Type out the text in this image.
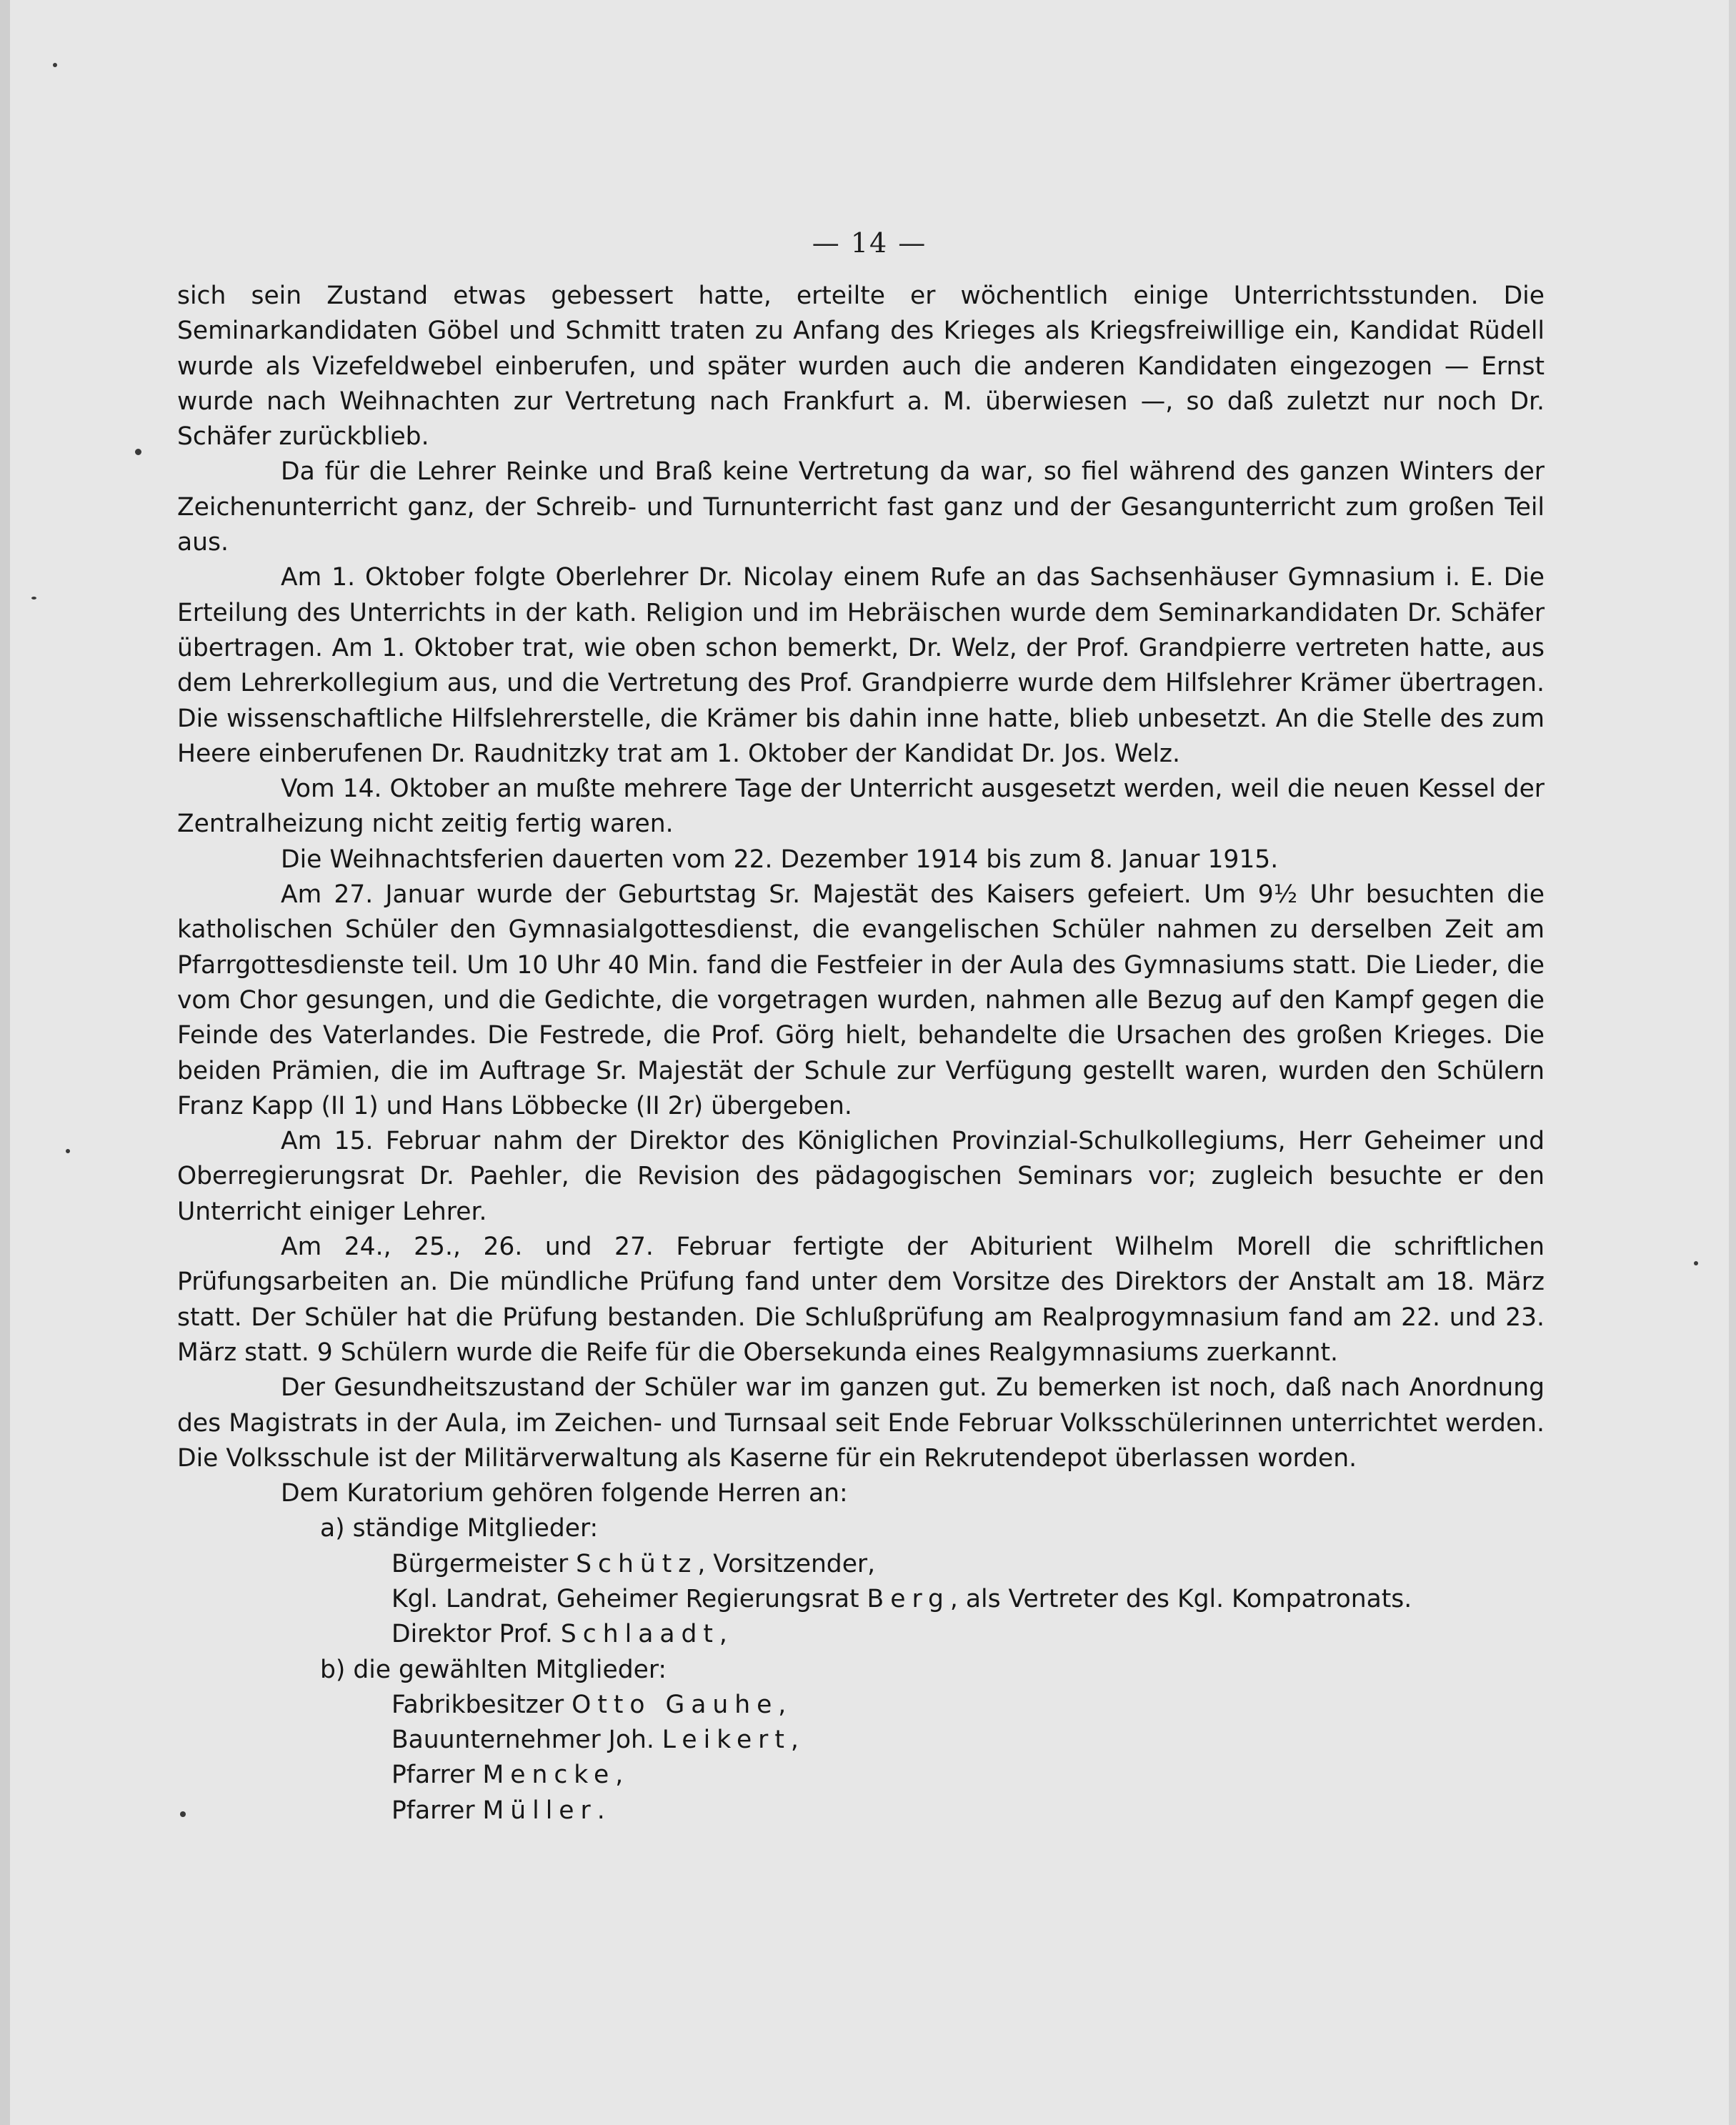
— 14 —

sich sein Zustand etwas gebessert hatte, erteilte er wöchentlich einige Unterrichtsstunden. Die Seminarkandidaten Göbel und Schmitt traten zu Anfang des Krieges als Kriegsfreiwillige ein, Kandidat Rüdell wurde als Vizefeldwebel einberufen, und später wurden auch die anderen Kandidaten eingezogen — Ernst wurde nach Weihnachten zur Vertretung nach Frankfurt a. M. überwiesen —, so daß zuletzt nur noch Dr. Schäfer zurückblieb.

Da für die Lehrer Reinke und Braß keine Vertretung da war, so fiel während des ganzen Winters der Zeichenunterricht ganz, der Schreib- und Turnunterricht fast ganz und der Gesangunterricht zum großen Teil aus.

Am 1. Oktober folgte Oberlehrer Dr. Nicolay einem Rufe an das Sachsenhäuser Gymnasium i. E. Die Erteilung des Unterrichts in der kath. Religion und im Hebräischen wurde dem Seminarkandidaten Dr. Schäfer übertragen. Am 1. Oktober trat, wie oben schon bemerkt, Dr. Welz, der Prof. Grandpierre vertreten hatte, aus dem Lehrerkollegium aus, und die Vertretung des Prof. Grandpierre wurde dem Hilfslehrer Krämer übertragen. Die wissenschaftliche Hilfslehrerstelle, die Krämer bis dahin inne hatte, blieb unbesetzt. An die Stelle des zum Heere einberufenen Dr. Raudnitzky trat am 1. Oktober der Kandidat Dr. Jos. Welz.

Vom 14. Oktober an mußte mehrere Tage der Unterricht ausgesetzt werden, weil die neuen Kessel der Zentralheizung nicht zeitig fertig waren.

Die Weihnachtsferien dauerten vom 22. Dezember 1914 bis zum 8. Januar 1915.

Am 27. Januar wurde der Geburtstag Sr. Majestät des Kaisers gefeiert. Um 9½ Uhr besuchten die katholischen Schüler den Gymnasialgottesdienst, die evangelischen Schüler nahmen zu derselben Zeit am Pfarrgottesdienste teil. Um 10 Uhr 40 Min. fand die Festfeier in der Aula des Gymnasiums statt. Die Lieder, die vom Chor gesungen, und die Gedichte, die vorgetragen wurden, nahmen alle Bezug auf den Kampf gegen die Feinde des Vaterlandes. Die Festrede, die Prof. Görg hielt, behandelte die Ursachen des großen Krieges. Die beiden Prämien, die im Auftrage Sr. Majestät der Schule zur Verfügung gestellt waren, wurden den Schülern Franz Kapp (II 1) und Hans Löbbecke (II 2r) übergeben.

Am 15. Februar nahm der Direktor des Königlichen Provinzial-Schulkollegiums, Herr Geheimer und Oberregierungsrat Dr. Paehler, die Revision des pädagogischen Seminars vor; zugleich besuchte er den Unterricht einiger Lehrer.

Am 24., 25., 26. und 27. Februar fertigte der Abiturient Wilhelm Morell die schriftlichen Prüfungsarbeiten an. Die mündliche Prüfung fand unter dem Vorsitze des Direktors der Anstalt am 18. März statt. Der Schüler hat die Prüfung bestanden. Die Schlußprüfung am Realprogymnasium fand am 22. und 23. März statt. 9 Schülern wurde die Reife für die Obersekunda eines Realgymnasiums zuerkannt.

Der Gesundheitszustand der Schüler war im ganzen gut. Zu bemerken ist noch, daß nach Anordnung des Magistrats in der Aula, im Zeichen- und Turnsaal seit Ende Februar Volksschülerinnen unterrichtet werden. Die Volksschule ist der Militärverwaltung als Kaserne für ein Rekrutendepot überlassen worden.

Dem Kuratorium gehören folgende Herren an:

a) ständige Mitglieder:
Bürgermeister Schütz, Vorsitzender,
Kgl. Landrat, Geheimer Regierungsrat Berg, als Vertreter des Kgl. Kompatronats.
Direktor Prof. Schlaadt,
b) die gewählten Mitglieder:
Fabrikbesitzer Otto Gauhe,
Bauunternehmer Joh. Leikert,
Pfarrer Mencke,
Pfarrer Müller.
